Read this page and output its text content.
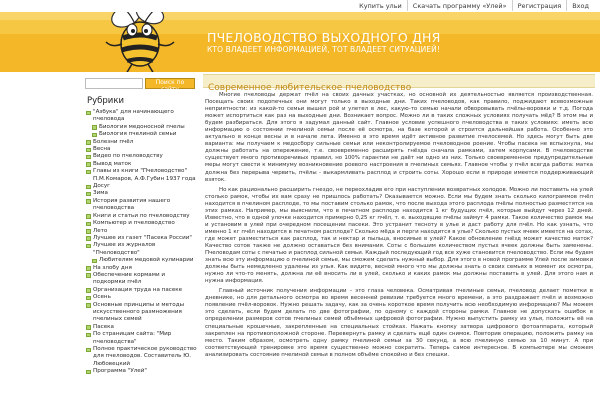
Купить ульи	Скачать программу «Улей»	Регистрация	Вход
ПЧЕЛОВОДСТВО ВЫХОДНОГО ДНЯ
КТО ВЛАДЕЕТ ИНФОРМАЦИЕЙ, ТОТ ВЛАДЕЕТ СИТУАЦИЕЙ!
Поиск по сайту
Рубрики
"Азбука" для начинающего пчеловода
Биология медоносной пчелы
Биология пчелиной семьи
Болезни пчёл
Весна
Видео по пчеловодству
Вывод маток
Главы из книги "Пчеловодство" П.М.Комаров, А.Ф.Губин 1937 года
Досуг
Зима
История развития нашего пчеловодства
Книги и статьи по пчеловодству
Компьютер и пчеловодство
Лето
Лучшее из газет "Пасека России"
Лучшее из журналов "Пчеловодство"
Любителям медовой кулинарии
На злобу дня
Обеспечение кормами и подкормки пчёл
Организация труда на пасеке
Осень
Основные принципы и методы искусственного размножения пчелиных семей
Пасека
По страницам сайта: "Мир пчеловодства"
Полное практическое руководство для пчеловодов. Составитель Ю. Любовецкий
Программа "Улей"
Современное любительское пчеловодство

Многие пчеловоды держат пчёл на своих дачных участках, но основной их деятельностью является производственная. Посещать своих подопечных они могут только в выходные дни. Таких пчеловодов, как правило, поджидают всевозможные неприятности: из какой-то семьи вышел рой и улетел в лес, какую-то семью начали обворовывать пчёлы-воровки и т.д. Погода может испортиться как раз на выходные дни. Возникает вопрос. Можно ли в таких сложных условиях получать мёд? В этом мы и будем разбираться. Для этого я задумал данный сайт. Главное условие успешного пчеловодства в таких условиях: иметь всю информацию о состоянии пчелиной семьи после её осмотра, на базе которой и строится дальнейшая работа. Особенно это актуально в конце весны и в начале лета. Именно в это время идёт активное развитие пчелосемей. Но здесь могут быть две варианта: мы получаем к медосбору сильные семьи или неконтролируемое пчеловодное роение. Чтобы пасека не вспыхнула, мы должны работать на опережение, т.е. своевременно расширять гнёзда сначала рамками, затем корпусами. В пчеловодстве существует много противоречивых правил, но 100% гарантии не даёт ни одно из них. Только своевременное предупредительные меры могут свести к минимуму возникновение роевого настроения в пчелиных семьях. Главное чтобы у пчёл всегда работа: матка должна без перерыва червить, пчёлы - выкармливать расплод и строить соты. Хорошо если в природе имеется поддерживающий взяток.

Но как рационально расширить гнездо, не переохладив его при наступлении возвратных холодов. Можно ли поставить на улей столько рамок, чтобы их вам сразу не пришлось работать? Оказывается можно. Если мы будем знать сколько килограммов пчёл находится в пчелином расплоде, то мы поставим столько рамок, что после выхода этого расплода пчёлы полностью разместятся на этих рамках. Например, мы выяснили, что в печатном расплоде находится 1 кг будущих пчёл, которые выйдут через 12 дней. Известно, что в одной улочке находится примерно 0,25 кг пчёл, т. е. выходящие пчёлы займут 4 рамки. Такое количество рамок мы и установим в улей при очередном посещении пасеки. Это устранит тесноту в улье и даст работу для пчёл. Но как узнать, что именно 1 кг пчёл находится в печатном расплоде? Сколько мёда и перги находится в улье? Сколько пустых ячеек имеется на сотах, где может разместиться как расплод, так и нектар и пыльца, вносимые в улей? Какое обновление гнёзд может качество маток? Качество сотов также не должно оставаться без внимания. Соты с большим количеством пустых ячеек должны быть заменены. Пчеловодам соты с печатью и расплод сильной семьи. Каждый последующий год все хуже становится пчеловодство. Если мы будем знать всю эту информацию о пчелиной семье, мы сможем сделать нужный выбор. Для этого в новой программе Улей после зимовки должны быть немедленно удалены из улья. Как видите, весной много что мы должны знать о своих семьях в момент их осмотра, нужно ли что-то менять, должна ли её вносить ли в улей, сколько и каких рамок мы должны поставить в улей. Для этого нам и нужна информация.

Главный источник получения информации – это глаза человека. Осматривая пчелиные семьи, пчеловод делает пометки в дневнике, но для детального осмотра во время весенней ревизии требуется много времени, а это раздражает пчёл и возможно появление пчёл-воровок. Нужно решать задачу, как за очень короткое время получить всю необходимую информацию? Мы можем это сделать, если будем делать по две фотографии, по одному с каждой стороны рамки. Главное не допускать ошибок в определении размеров сотов пчелиных семей объёмных цифровой фотографии. Нужно выпустить рамку из улья, положить её на специальные крошечные, закрепленные на специальных стойках. Нажать кнопку затвора цифрового фотоаппарата, который закреплен на противоположной стороне. Перевернуть рамку и сделать ещё один снимок. Повторив операцию, положить рамку на место. Таким образом, осмотреть одну рамку пчелиной семьи за 30 секунд, а всю пчелиную семью за 10 минут. А при соответствующей тренировке это время существенно можно сократить. Теперь самое интересное. В компьютере мы сможем анализировать состояние пчелиной семьи в полном объёме спокойно и без спешки.
